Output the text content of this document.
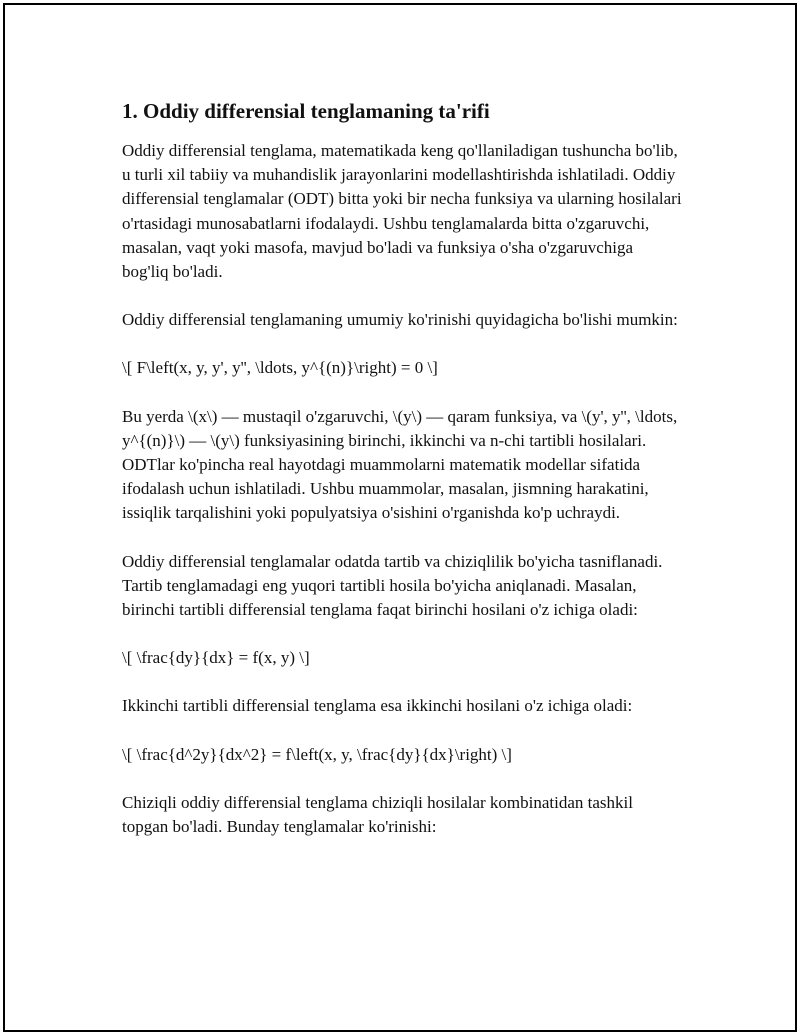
1. Oddiy differensial tenglamaning ta'rifi

Oddiy differensial tenglama, matematikada keng qo'llaniladigan tushuncha bo'lib, u turli xil tabiiy va muhandislik jarayonlarini modellashtirishda ishlatiladi. Oddiy differensial tenglamalar (ODT) bitta yoki bir necha funksiya va ularning hosilalari o'rtasidagi munosabatlarni ifodalaydi. Ushbu tenglamalarda bitta o'zgaruvchi, masalan, vaqt yoki masofa, mavjud bo'ladi va funksiya o'sha o'zgaruvchiga bog'liq bo'ladi.

Oddiy differensial tenglamaning umumiy ko'rinishi quyidagicha bo'lishi mumkin:

\[ F\left(x, y, y', y'', \ldots, y^{(n)}\right) = 0 \]

Bu yerda \(x\) — mustaqil o'zgaruvchi, \(y\) — qaram funksiya, va \(y', y'', \ldots, y^{(n)}\) — \(y\) funksiyasining birinchi, ikkinchi va n-chi tartibli hosilalari. ODTlar ko'pincha real hayotdagi muammolarni matematik modellar sifatida ifodalash uchun ishlatiladi. Ushbu muammolar, masalan, jismning harakatini, issiqlik tarqalishini yoki populyatsiya o'sishini o'rganishda ko'p uchraydi.

Oddiy differensial tenglamalar odatda tartib va chiziqlilik bo'yicha tasniflanadi. Tartib tenglamadagi eng yuqori tartibli hosila bo'yicha aniqlanadi. Masalan, birinchi tartibli differensial tenglama faqat birinchi hosilani o'z ichiga oladi:

\[ \frac{dy}{dx} = f(x, y) \]

Ikkinchi tartibli differensial tenglama esa ikkinchi hosilani o'z ichiga oladi:

\[ \frac{d^2y}{dx^2} = f\left(x, y, \frac{dy}{dx}\right) \]

Chiziqli oddiy differensial tenglama chiziqli hosilalar kombinatidan tashkil topgan bo'ladi. Bunday tenglamalar ko'rinishi:
